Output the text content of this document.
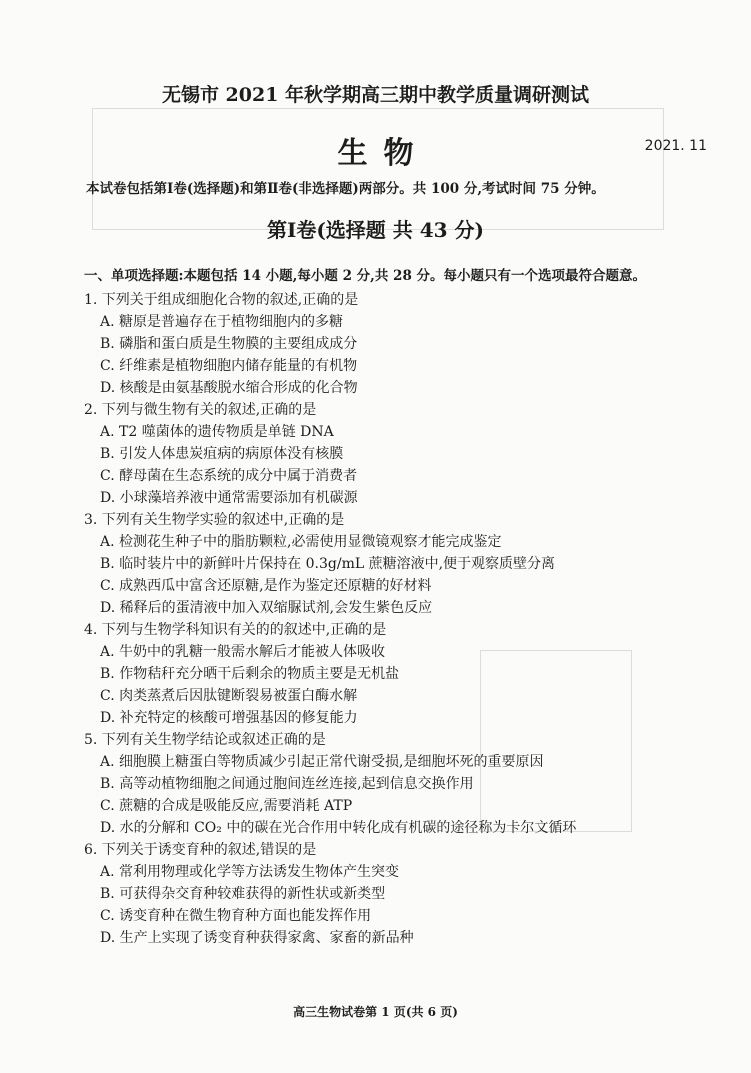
无锡市 2021 年秋学期高三期中教学质量调研测试
生物	2021. 11
本试卷包括第Ⅰ卷(选择题)和第Ⅱ卷(非选择题)两部分。共 100 分,考试时间 75 分钟。
第Ⅰ卷(选择题 共 43 分)
一、单项选择题:本题包括 14 小题,每小题 2 分,共 28 分。每小题只有一个选项最符合题意。
1. 下列关于组成细胞化合物的叙述,正确的是
A. 糖原是普遍存在于植物细胞内的多糖
B. 磷脂和蛋白质是生物膜的主要组成成分
C. 纤维素是植物细胞内储存能量的有机物
D. 核酸是由氨基酸脱水缩合形成的化合物
2. 下列与微生物有关的叙述,正确的是
A. T2 噬菌体的遗传物质是单链 DNA
B. 引发人体患炭疽病的病原体没有核膜
C. 酵母菌在生态系统的成分中属于消费者
D. 小球藻培养液中通常需要添加有机碳源
3. 下列有关生物学实验的叙述中,正确的是
A. 检测花生种子中的脂肪颗粒,必需使用显微镜观察才能完成鉴定
B. 临时装片中的新鲜叶片保持在 0.3g/mL 蔗糖溶液中,便于观察质壁分离
C. 成熟西瓜中富含还原糖,是作为鉴定还原糖的好材料
D. 稀释后的蛋清液中加入双缩脲试剂,会发生紫色反应
4. 下列与生物学科知识有关的的叙述中,正确的是
A. 牛奶中的乳糖一般需水解后才能被人体吸收
B. 作物秸秆充分晒干后剩余的物质主要是无机盐
C. 肉类蒸煮后因肽键断裂易被蛋白酶水解
D. 补充特定的核酸可增强基因的修复能力
5. 下列有关生物学结论或叙述正确的是
A. 细胞膜上糖蛋白等物质减少引起正常代谢受损,是细胞坏死的重要原因
B. 高等动植物细胞之间通过胞间连丝连接,起到信息交换作用
C. 蔗糖的合成是吸能反应,需要消耗 ATP
D. 水的分解和 CO₂ 中的碳在光合作用中转化成有机碳的途径称为卡尔文循环
6. 下列关于诱变育种的叙述,错误的是
A. 常利用物理或化学等方法诱发生物体产生突变
B. 可获得杂交育种较难获得的新性状或新类型
C. 诱变育种在微生物育种方面也能发挥作用
D. 生产上实现了诱变育种获得家禽、家畜的新品种
高三生物试卷第 1 页(共 6 页)
